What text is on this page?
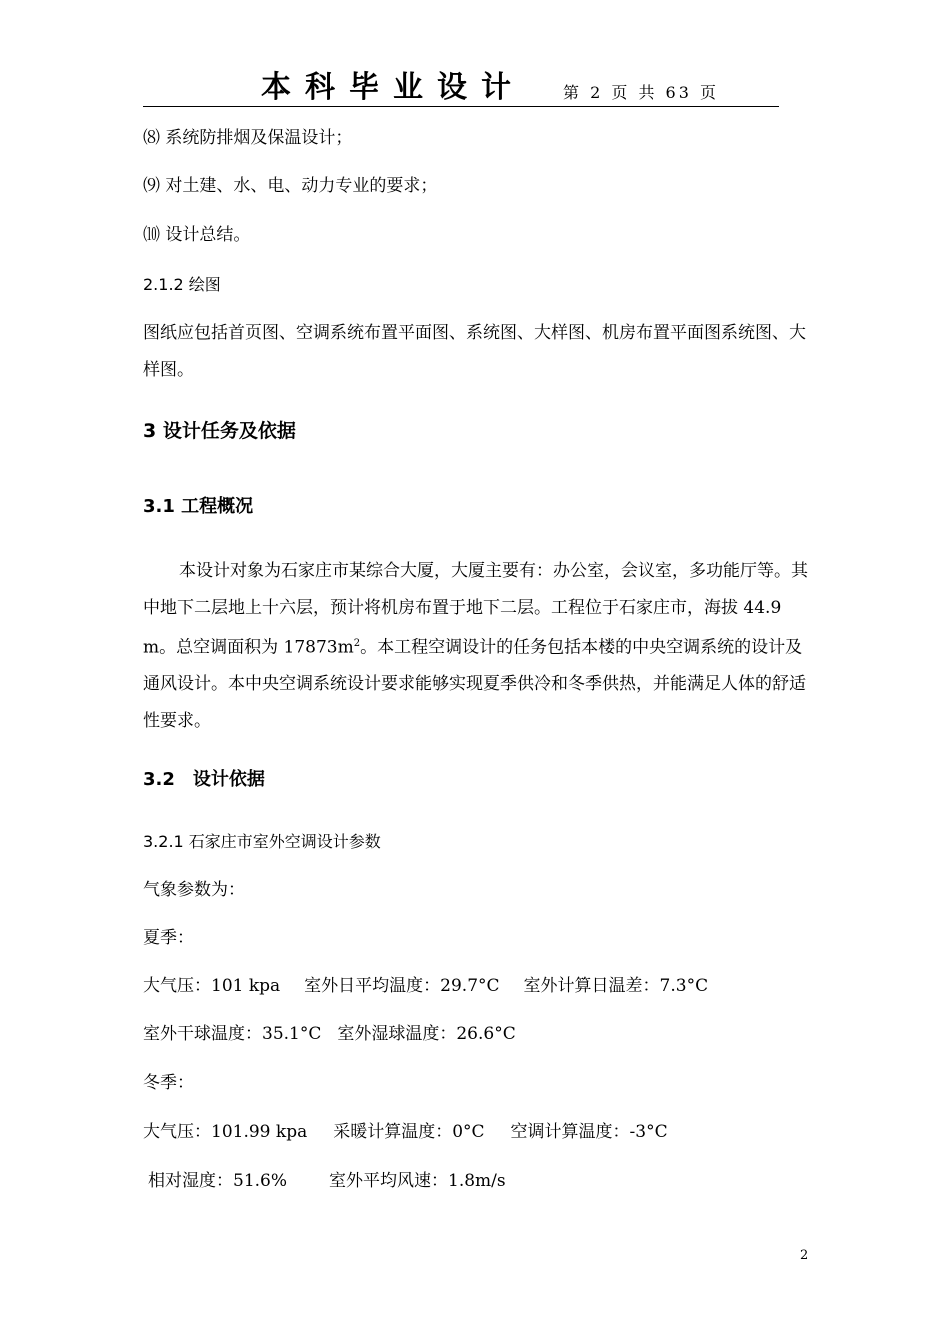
本科毕业设计 第 2 页 共 63 页
⑻ 系统防排烟及保温设计；
⑼ 对土建、水、电、动力专业的要求；
⑽ 设计总结。
2.1.2 绘图
图纸应包括首页图、空调系统布置平面图、系统图、大样图、机房布置平面图系统图、大样图。
3 设计任务及依据
3.1 工程概况
本设计对象为石家庄市某综合大厦，大厦主要有：办公室，会议室，多功能厅等。其中地下二层地上十六层，预计将机房布置于地下二层。工程位于石家庄市，海拔 44.9 m。总空调面积为 $17873m^2$。本工程空调设计的任务包括本楼的中央空调系统的设计及通风设计。本中央空调系统设计要求能够实现夏季供冷和冬季供热，并能满足人体的舒适性要求。
3.2　设计依据
3.2.1 石家庄市室外空调设计参数
气象参数为：
夏季：
大气压：101 kpa 室外日平均温度：29.7°C 室外计算日温差：7.3°C
室外干球温度：35.1°C 室外湿球温度：26.6°C
冬季：
大气压：101.99 kpa 采暖计算温度：0°C 空调计算温度：-3°C
相对湿度：51.6% 室外平均风速：1.8m/s
2
